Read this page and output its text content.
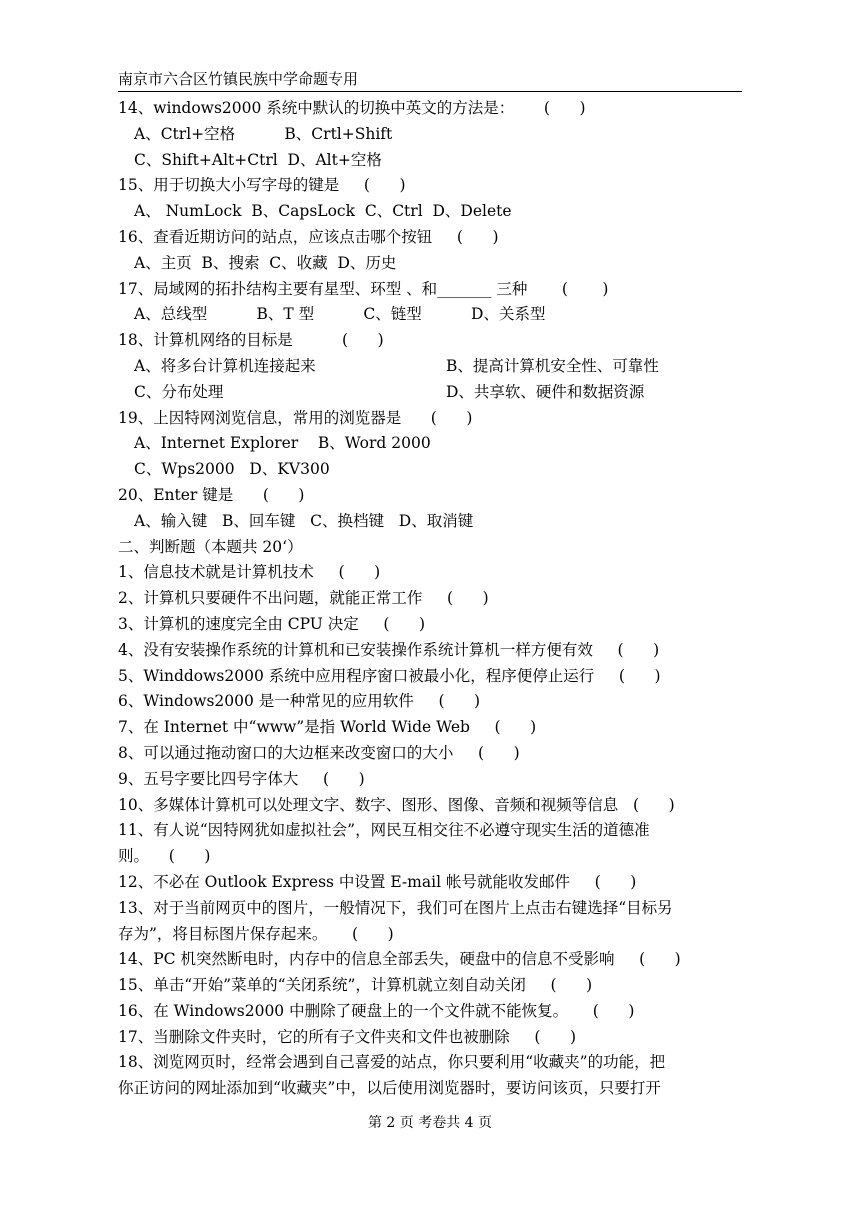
南京市六合区竹镇民族中学命题专用
14、windows2000 系统中默认的切换中英文的方法是：      (      )
A、Ctrl+空格          B、Crtl+Shift
C、Shift+Alt+Ctrl  D、Alt+空格
15、用于切换大小写字母的键是     (      )
A、 NumLock  B、CapsLock  C、Ctrl  D、Delete
16、查看近期访问的站点，应该点击哪个按钮     (      )
A、主页  B、搜索  C、收藏  D、历史
17、局域网的拓扑结构主要有星型、环型 、和_______ 三种       (       )
A、总线型          B、T 型          C、链型          D、关系型
18、计算机网络的目标是          (      )
A、将多台计算机连接起来	B、提高计算机安全性、可靠性
C、分布处理	D、共享软、硬件和数据资源
19、上因特网浏览信息，常用的浏览器是      (      )
A、Internet Explorer    B、Word 2000
C、Wps2000   D、KV300
20、Enter 键是      (      )
A、输入键   B、回车键   C、换档键   D、取消键
二、判断题（本题共 20‘）
1、信息技术就是计算机技术     (      )
2、计算机只要硬件不出问题，就能正常工作     (      )
3、计算机的速度完全由 CPU 决定     (      )
4、没有安装操作系统的计算机和已安装操作系统计算机一样方便有效     (      )
5、Winddows2000 系统中应用程序窗口被最小化，程序便停止运行     (      )
6、Windows2000 是一种常见的应用软件     (      )
7、在 Internet 中“www”是指 World Wide Web     (      )
8、可以通过拖动窗口的大边框来改变窗口的大小     (      )
9、五号字要比四号字体大     (      )
10、多媒体计算机可以处理文字、数字、图形、图像、音频和视频等信息   (      )
11、有人说“因特网犹如虚拟社会”，网民互相交往不必遵守现实生活的道德准
则。    (      )
12、不必在 Outlook Express 中设置 E-mail 帐号就能收发邮件     (      )
13、对于当前网页中的图片，一般情况下，我们可在图片上点击右键选择“目标另
存为”，将目标图片保存起来。     (      )
14、PC 机突然断电时，内存中的信息全部丢失，硬盘中的信息不受影响     (      )
15、单击“开始”菜单的“关闭系统”，计算机就立刻自动关闭     (      )
16、在 Windows2000 中删除了硬盘上的一个文件就不能恢复。     (      )
17、当删除文件夹时，它的所有子文件夹和文件也被删除     (      )
18、浏览网页时，经常会遇到自己喜爱的站点，你只要利用“收藏夹”的功能，把
你正访问的网址添加到“收藏夹”中，以后使用浏览器时，要访问该页，只要打开
第 2 页 考卷共 4 页
